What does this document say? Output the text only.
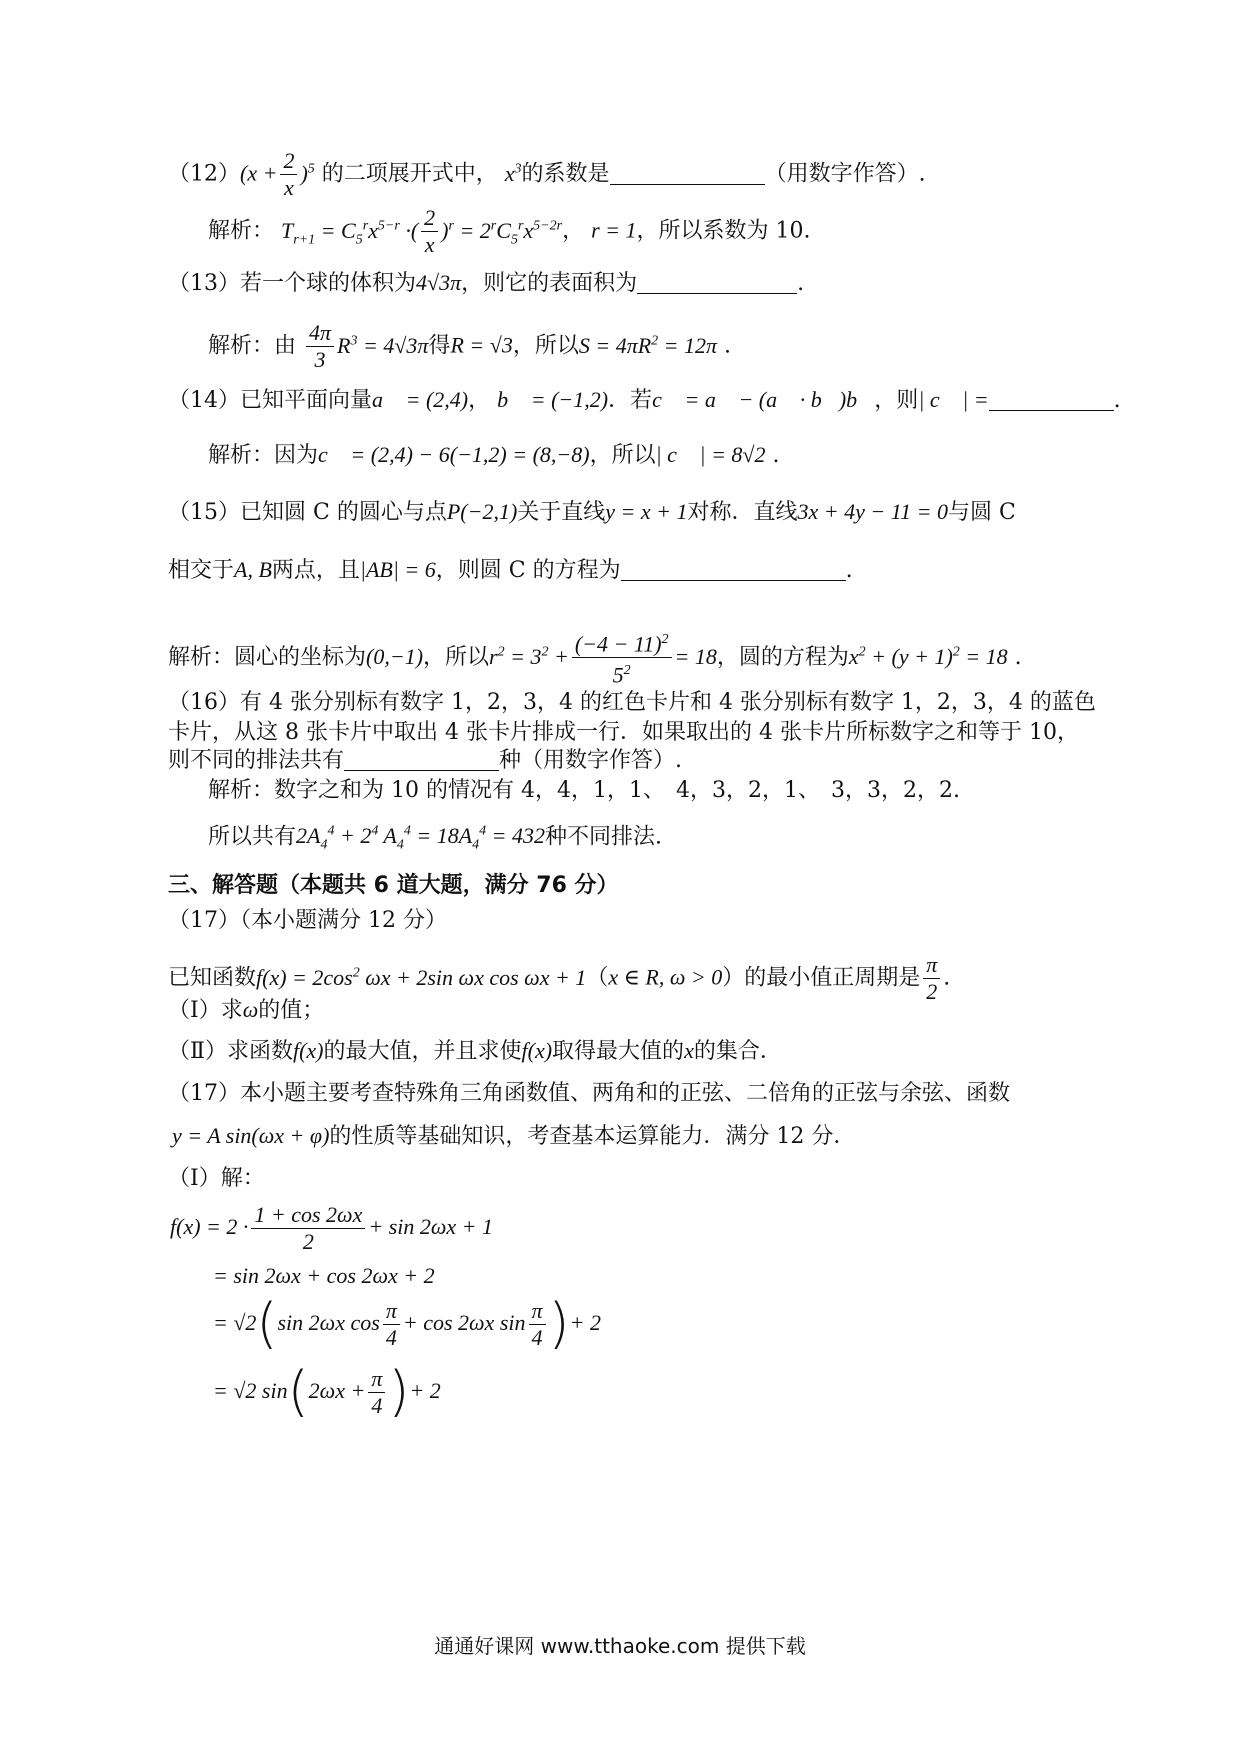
$(12)(x + \frac{2}{x} )^5$ 的二项展开式中， $x^3$的系数是	（用数字作答）.
解析： $T_{r+1} = C_5^rx^{5-r}$ ·( $\frac{2}{x} )^r = 2^rC_5^rx^{5-2r}$， r = 1，所以系数为 10.
（13）若一个球的体积为4√3π，则它的表面积为	.
解析：由 $\frac{4\pi}{3} R^3 = 4√3\pi$得R = √3，所以$S = 4\pi R^2 = 12\pi$ .
（14）已知平面向量a⃗ = (2,4)， b⃗ = (−1,2)．若c⃗ = a⃗ − (a⃗ · b⃗)b⃗，则| c⃗ | =	.
解析：因为c⃗ = (2,4) − 6(−1,2) = (8,−8)，所以| c⃗ | = 8√2 .
（15）已知圆 C 的圆心与点P(−2,1)关于直线y = x + 1对称．直线3x + 4y − 11 = 0与圆 C
相交于A, B两点，且|AB| = 6，则圆 C 的方程为	.
解析：圆心的坐标为(0,−1)，所以$r^2 = 3^2 + \frac{(-4 - 11)^2}{5^2} = 18$，圆的方程为$x^2 + (y + 1)^2 = 18$ .
（16）有 4 张分别标有数字 1，2，3，4 的红色卡片和 4 张分别标有数字 1，2，3，4 的蓝色
卡片，从这 8 张卡片中取出 4 张卡片排成一行．如果取出的 4 张卡片所标数字之和等于 10，
则不同的排法共有	种（用数字作答）.
解析：数字之和为 10 的情况有 4，4，1，1、　4，3，2，1、　3，3，2，2.
所以共有$2A_4^4 + 2^4$ $A_4^4 = 18A_4^4 = 432$种不同排法.
三、解答题（本题共 6 道大题，满分 76 分）
（17）（本小题满分 12 分）
已知函数$f(x) = 2\cos^2$ ωx + 2sin ωx cos ωx + 1（x ∈ R, ω > 0）的最小值正周期是 $\frac{\pi}{2}$ .
（Ⅰ）求ω的值；
（Ⅱ）求函数f(x)的最大值，并且求使f(x)取得最大值的x的集合．
（17）本小题主要考查特殊角三角函数值、两角和的正弦、二倍角的正弦与余弦、函数
y = A sin(ωx + φ)的性质等基础知识，考查基本运算能力．满分 12 分．
（Ⅰ）解：
$f(x) = 2 \cdot \frac{1 + \cos 2\omega x}{2} + \sin 2\omega x + 1$
= sin 2ωx + cos 2ωx + 2
= √2(sin 2ωx $\cos \frac{\pi}{4} + \cos 2\omega x$ $\sin \frac{\pi}{4}$ )+ 2
= √2 $\sin(2\omega x + \frac{\pi}{4}$ )+ 2
通通好课网 www.tthaoke.com 提供下载
